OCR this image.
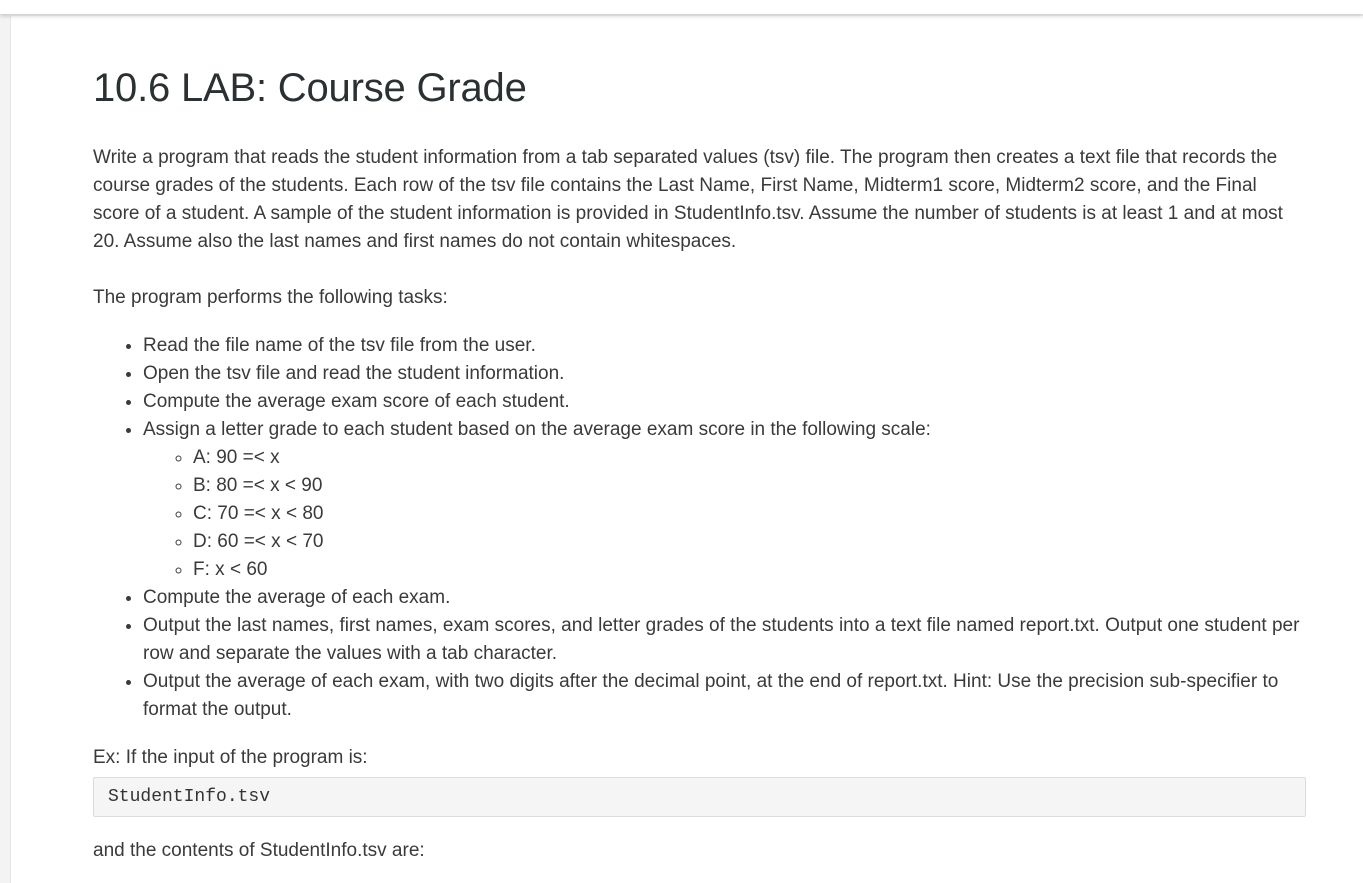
10.6 LAB: Course Grade

Write a program that reads the student information from a tab separated values (tsv) file. The program then creates a text file that records the course grades of the students. Each row of the tsv file contains the Last Name, First Name, Midterm1 score, Midterm2 score, and the Final score of a student. A sample of the student information is provided in StudentInfo.tsv. Assume the number of students is at least 1 and at most 20. Assume also the last names and first names do not contain whitespaces.

The program performs the following tasks:

• Read the file name of the tsv file from the user.
• Open the tsv file and read the student information.
• Compute the average exam score of each student.
• Assign a letter grade to each student based on the average exam score in the following scale:
◦ A: 90 =< x
◦ B: 80 =< x < 90
◦ C: 70 =< x < 80
◦ D: 60 =< x < 70
◦ F: x < 60
• Compute the average of each exam.
• Output the last names, first names, exam scores, and letter grades of the students into a text file named report.txt. Output one student per row and separate the values with a tab character.
• Output the average of each exam, with two digits after the decimal point, at the end of report.txt. Hint: Use the precision sub-specifier to format the output.

Ex: If the input of the program is:

StudentInfo.tsv

and the contents of StudentInfo.tsv are:
